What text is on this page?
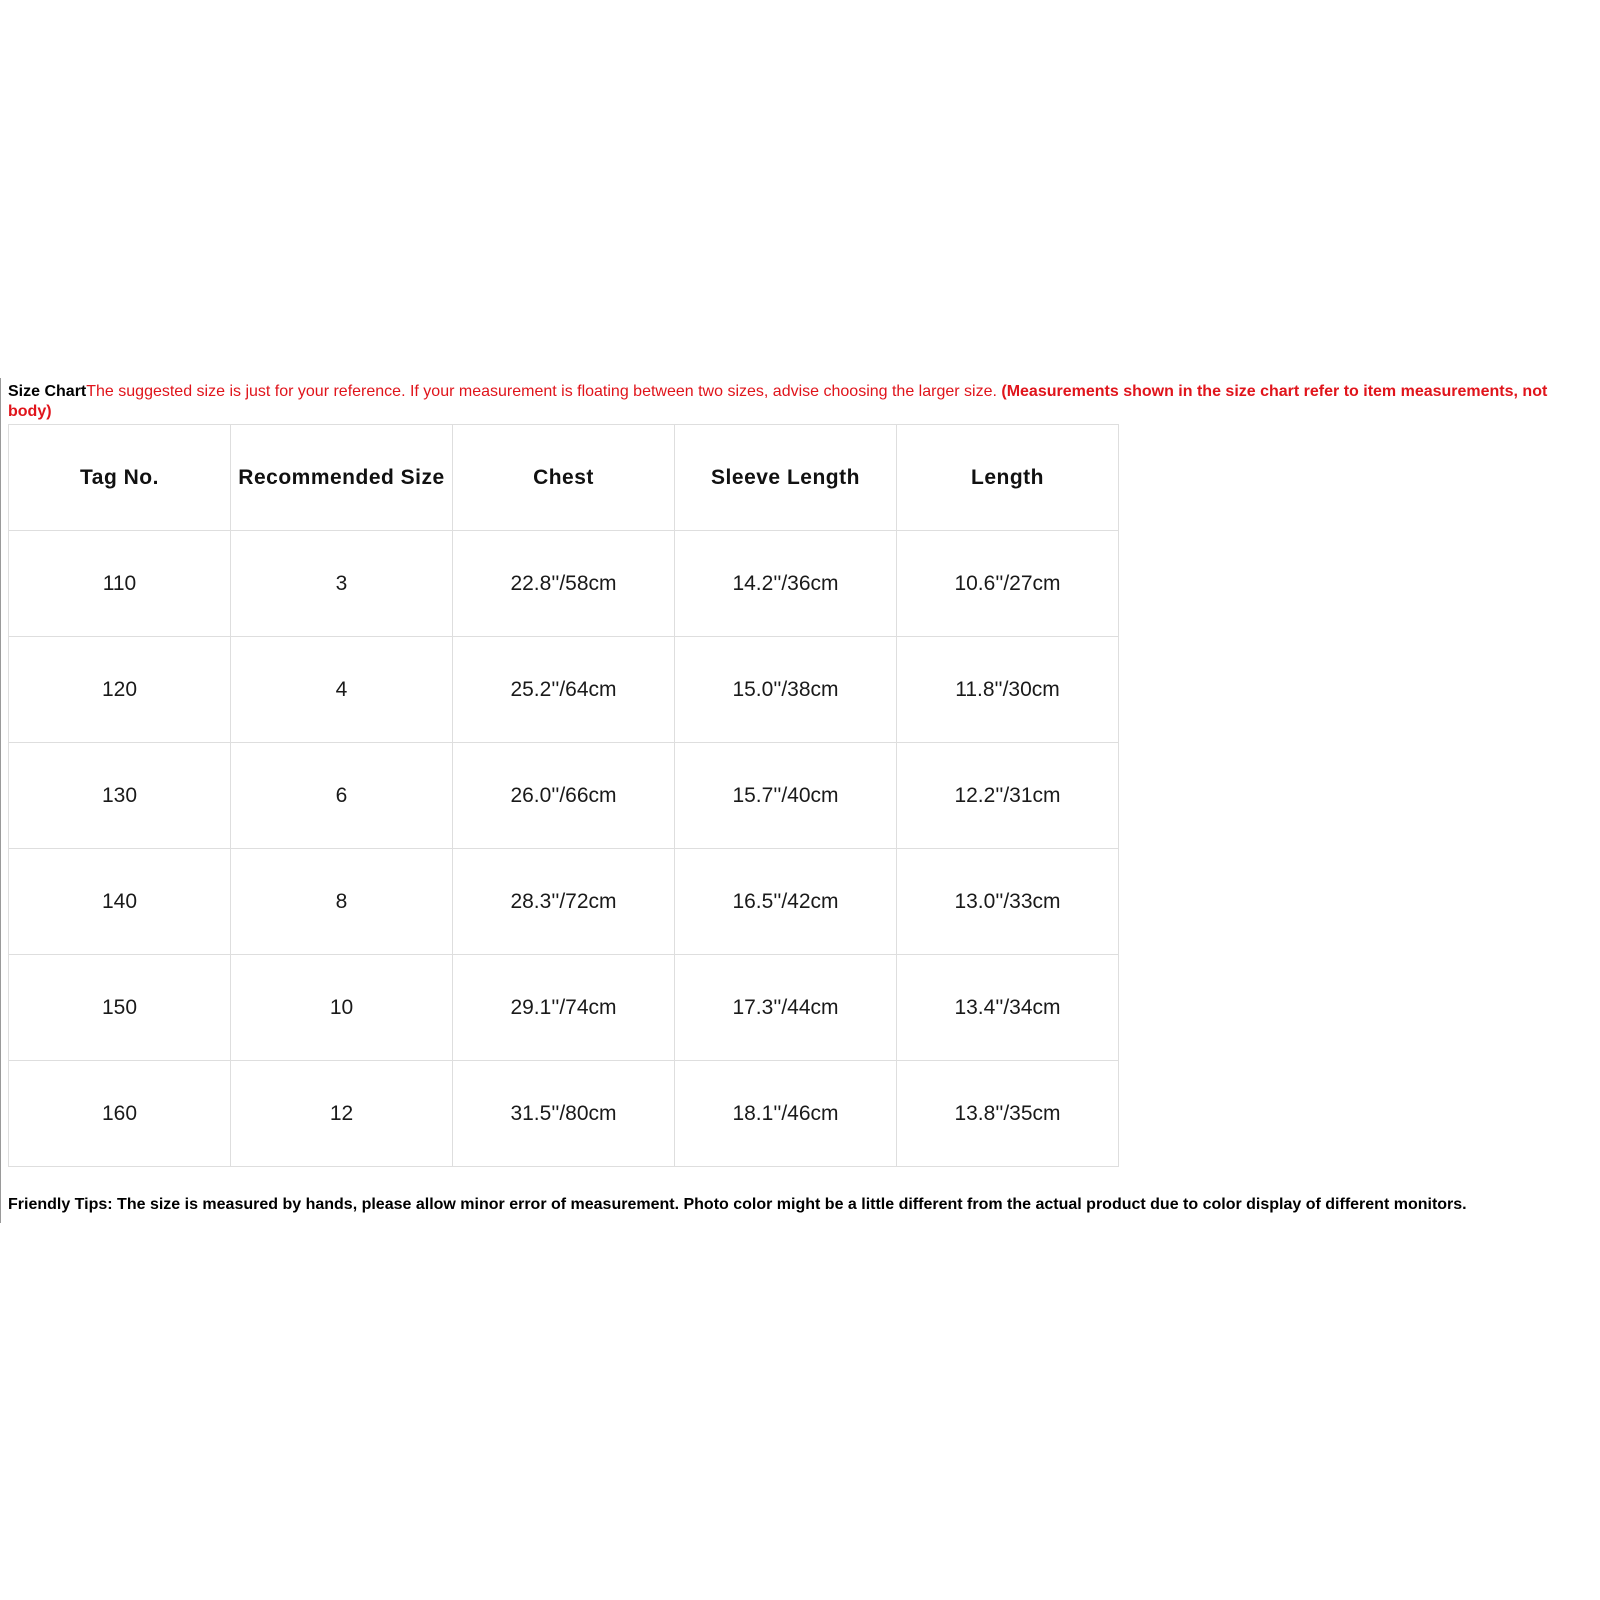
Size ChartThe suggested size is just for your reference. If your measurement is floating between two sizes, advise choosing the larger size. (Measurements shown in the size chart refer to item measurements, not body)
Tag No.	Recommended Size	Chest	Sleeve Length	Length
110	3	22.8''/58cm	14.2''/36cm	10.6''/27cm
120	4	25.2''/64cm	15.0''/38cm	11.8''/30cm
130	6	26.0''/66cm	15.7''/40cm	12.2''/31cm
140	8	28.3''/72cm	16.5''/42cm	13.0''/33cm
150	10	29.1''/74cm	17.3''/44cm	13.4''/34cm
160	12	31.5''/80cm	18.1''/46cm	13.8''/35cm
Friendly Tips: The size is measured by hands, please allow minor error of measurement. Photo color might be a little different from the actual product due to color display of different monitors.
